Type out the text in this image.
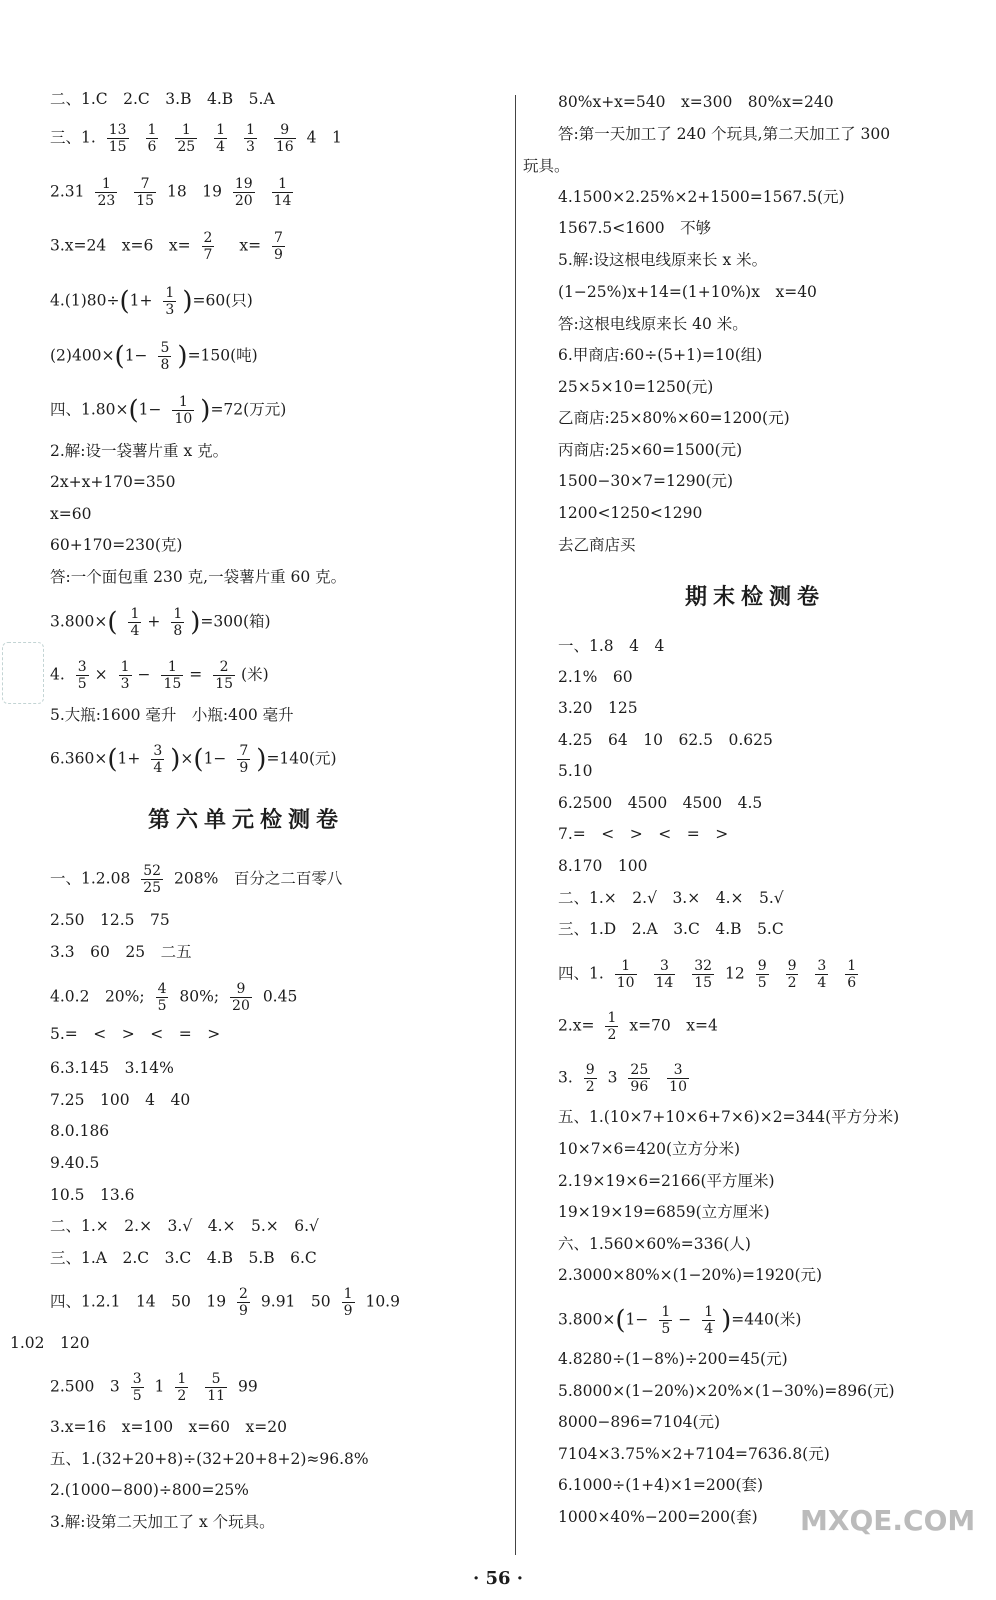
二、1.C　2.C　3.B　4.B　5.A
三、1. $\frac{13}{15}$
$\frac{1}{6}$
$\frac{1}{25}$
$\frac{1}{4}$
$\frac{1}{3}$
$\frac{9}{16} 4$　1
$2.31 \frac{1}{23}$
$\frac{7}{15} 18$　$19 \frac{19}{20}$
$\frac{1}{14}$
3.x=24　x=6　$x= \frac{2}{7} x= \frac{7}{9}$
$4.(1)80\div(1+ \frac{1}{3} )=60$(只)
$(2)400\times(1- \frac{5}{8} )=150$(吨)
四、$1.80\times(1- \frac{1}{10} )=72$(万元)
2.解:设一袋薯片重 x 克。
2x+x+170=350
x=60
60+170=230(克)
答:一个面包重 230 克,一袋薯片重 60 克。
$3.800\times( \frac{1}{4} + \frac{1}{8} )=300$(箱)
4. $\frac{3}{5} \times \frac{1}{3} - \frac{1}{15} = \frac{2}{15}$ (米)
5.大瓶:1600 毫升　小瓶:400 毫升
$6.360\times(1+ \frac{3}{4} )\times(1- \frac{7}{9} )=140$(元)
第六单元检测卷
一、$1.2.08 \frac{52}{25} 208\%$　百分之二百零八
2.50　12.5　75
3.3　60　25　二五
4.0.2　20%; $\frac{4}{5} 80\%$; $\frac{9}{20} 0.45$
5.=　<　>　<　=　>
6.3.145　3.14%
7.25　100　4　40
8.0.186
9.40.5
10.5　13.6
二、1.×　2.×　3.√　4.×　5.×　6.√
三、1.A　2.C　3.C　4.B　5.B　6.C
四、1.2.1　14　50　$19 \frac{2}{9} 9.91$　$50 \frac{1}{9} 10.9$
1.02　120
2.500　$3 \frac{3}{5} 1 \frac{1}{2}$
$\frac{5}{11} 99$
3.x=16　x=100　x=60　x=20
五、1.(32+20+8)÷(32+20+8+2)≈96.8%
2.(1000−800)÷800=25%
3.解:设第二天加工了 x 个玩具。
80%x+x=540　x=300　80%x=240
答:第一天加工了 240 个玩具,第二天加工了 300
玩具。
4.1500×2.25%×2+1500=1567.5(元)
1567.5<1600　不够
5.解:设这根电线原来长 x 米。
(1−25%)x+14=(1+10%)x　x=40
答:这根电线原来长 40 米。
6.甲商店:60÷(5+1)=10(组)
25×5×10=1250(元)
乙商店:25×80%×60=1200(元)
丙商店:25×60=1500(元)
1500−30×7=1290(元)
1200<1250<1290
去乙商店买
期末检测卷
一、1.8　4　4
2.1%　60
3.20　125
4.25　64　10　62.5　0.625
5.10
6.2500　4500　4500　4.5
7.=　<　>　<　=　>
8.170　100
二、1.×　2.√　3.×　4.×　5.√
三、1.D　2.A　3.C　4.B　5.C
四、1. $\frac{1}{10}$
$\frac{3}{14}$
$\frac{32}{15} 12 \frac{9}{5}$
$\frac{9}{2}$
$\frac{3}{4}$
$\frac{1}{6}$
$2.x= \frac{1}{2} x=70$　x=4
3. $\frac{9}{2} 3 \frac{25}{96}$
$\frac{3}{10}$
五、1.(10×7+10×6+7×6)×2=344(平方分米)
10×7×6=420(立方分米)
2.19×19×6=2166(平方厘米)
19×19×19=6859(立方厘米)
六、1.560×60%=336(人)
2.3000×80%×(1−20%)=1920(元)
$3.800\times(1- \frac{1}{5} - \frac{1}{4} )=440$(米)
4.8280÷(1−8%)÷200=45(元)
5.8000×(1−20%)×20%×(1−30%)=896(元)
8000−896=7104(元)
7104×3.75%×2+7104=7636.8(元)
6.1000÷(1+4)×1=200(套)
1000×40%−200=200(套) MXQE.COM
· 56 ·
